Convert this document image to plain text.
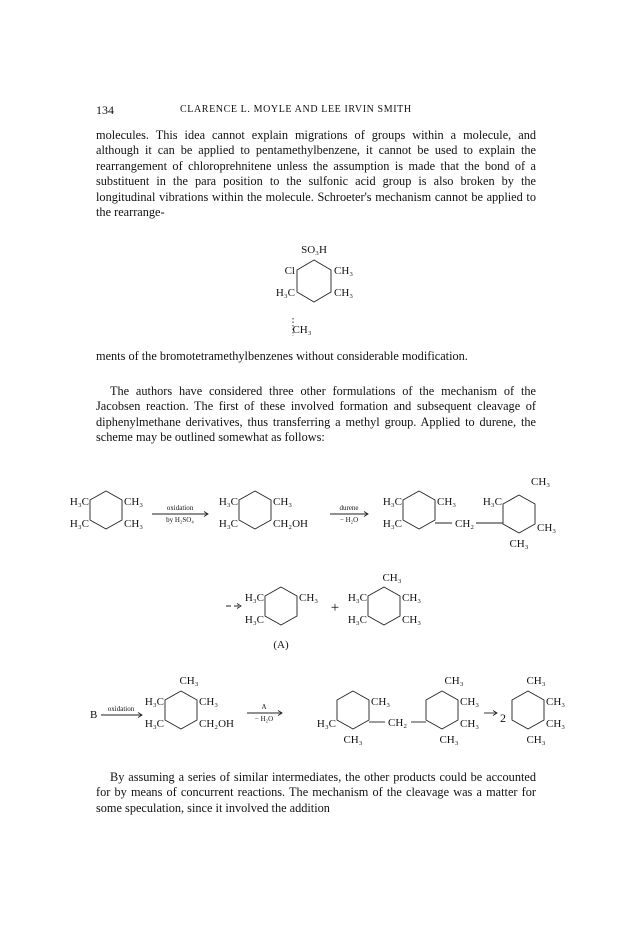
134	CLARENCE L. MOYLE AND LEE IRVIN SMITH

molecules. This idea cannot explain migrations of groups within a molecule, and although it can be applied to pentamethylbenzene, it cannot be used to explain the rearrangement of chloroprehnitene unless the assumption is made that the bond of a substituent in the para position to the sulfonic acid group is also broken by the longitudinal vibrations within the molecule. Schroeter's mechanism cannot be applied to the rearrange-

SO₃H
Cl	CH₃
H₃C	CH₃
CH₃

ments of the bromotetramethylbenzenes without considerable modification.

The authors have considered three other formulations of the mechanism of the Jacobsen reaction. The first of these involved formation and subsequent cleavage of diphenylmethane derivatives, thus transferring a methyl group. Applied to durene, the scheme may be outlined somewhat as follows:

H₃C	CH₃
H₃C	CH₃
oxidation
by H₂SO₄
H₃C	CH₃
H₃C	CH₂OH
durene
− H₂O
H₃C	CH₃
H₃C	CH₂
CH₃
H₃C
CH₃
CH₃
H₃C	CH₃
H₃C
+
CH₃
H₃C	CH₃
H₃C	CH₃
(A)
B oxidation
CH₃
H₃C	CH₃
H₃C	CH₂OH
A
− H₂O
CH₃
H₃C
CH₃
CH₂
CH₃
CH₃
CH₃
CH₃
2
CH₃
CH₃
CH₃
CH₃

By assuming a series of similar intermediates, the other products could be accounted for by means of concurrent reactions. The mechanism of the cleavage was a matter for some speculation, since it involved the addition
